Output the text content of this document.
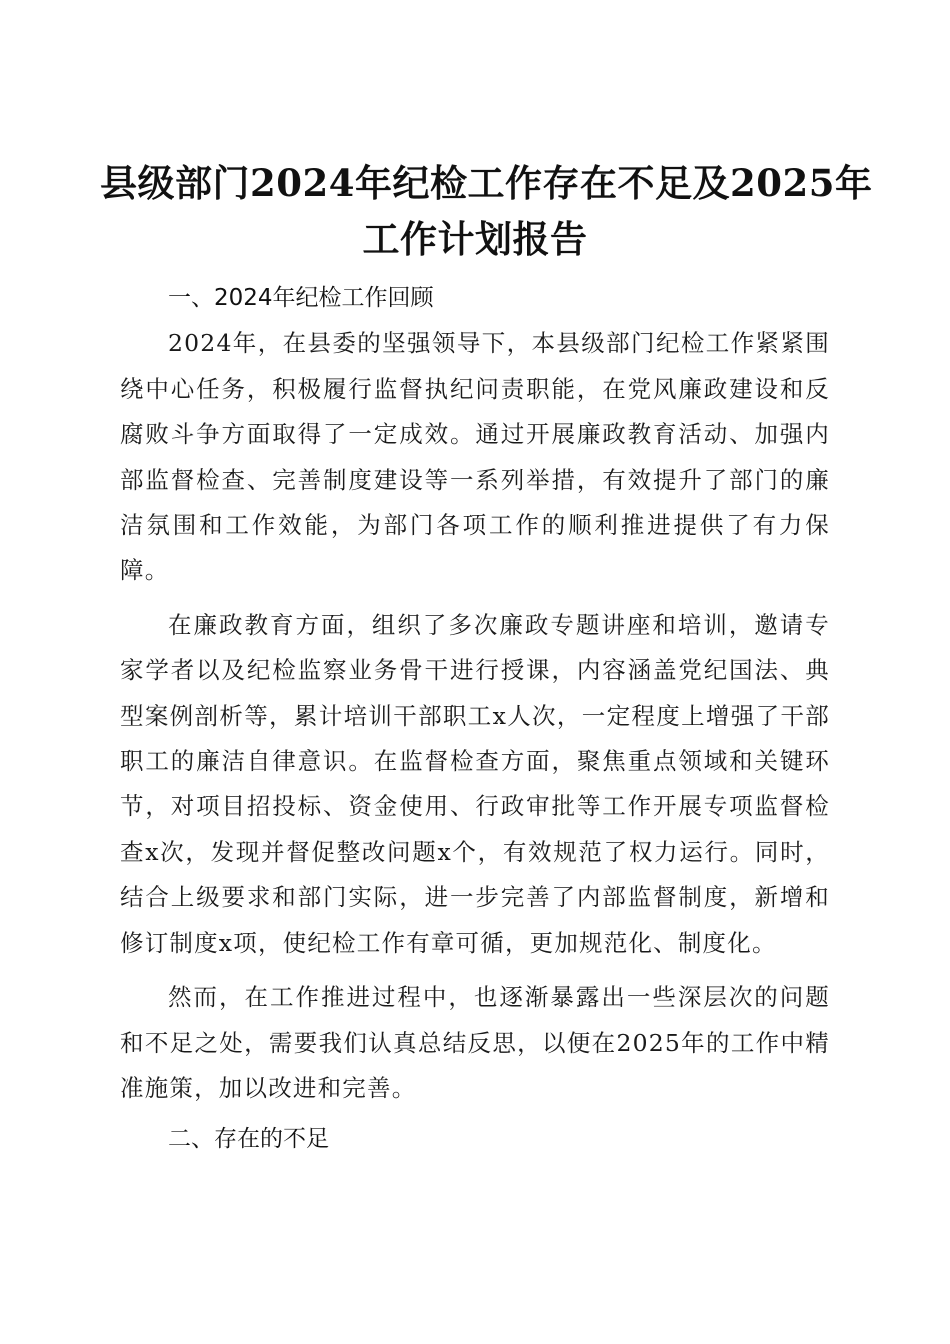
县级部门2024年纪检工作存在不足及2025年
工作计划报告

一、2024年纪检工作回顾

2024年，在县委的坚强领导下，本县级部门纪检工作紧紧围绕中心任务，积极履行监督执纪问责职能，在党风廉政建设和反腐败斗争方面取得了一定成效。通过开展廉政教育活动、加强内部监督检查、完善制度建设等一系列举措，有效提升了部门的廉洁氛围和工作效能，为部门各项工作的顺利推进提供了有力保障。

在廉政教育方面，组织了多次廉政专题讲座和培训，邀请专家学者以及纪检监察业务骨干进行授课，内容涵盖党纪国法、典型案例剖析等，累计培训干部职工x人次，一定程度上增强了干部职工的廉洁自律意识。在监督检查方面，聚焦重点领域和关键环节，对项目招投标、资金使用、行政审批等工作开展专项监督检查x次，发现并督促整改问题x个，有效规范了权力运行。同时，结合上级要求和部门实际，进一步完善了内部监督制度，新增和修订制度x项，使纪检工作有章可循，更加规范化、制度化。

然而，在工作推进过程中，也逐渐暴露出一些深层次的问题和不足之处，需要我们认真总结反思，以便在2025年的工作中精准施策，加以改进和完善。

二、存在的不足
